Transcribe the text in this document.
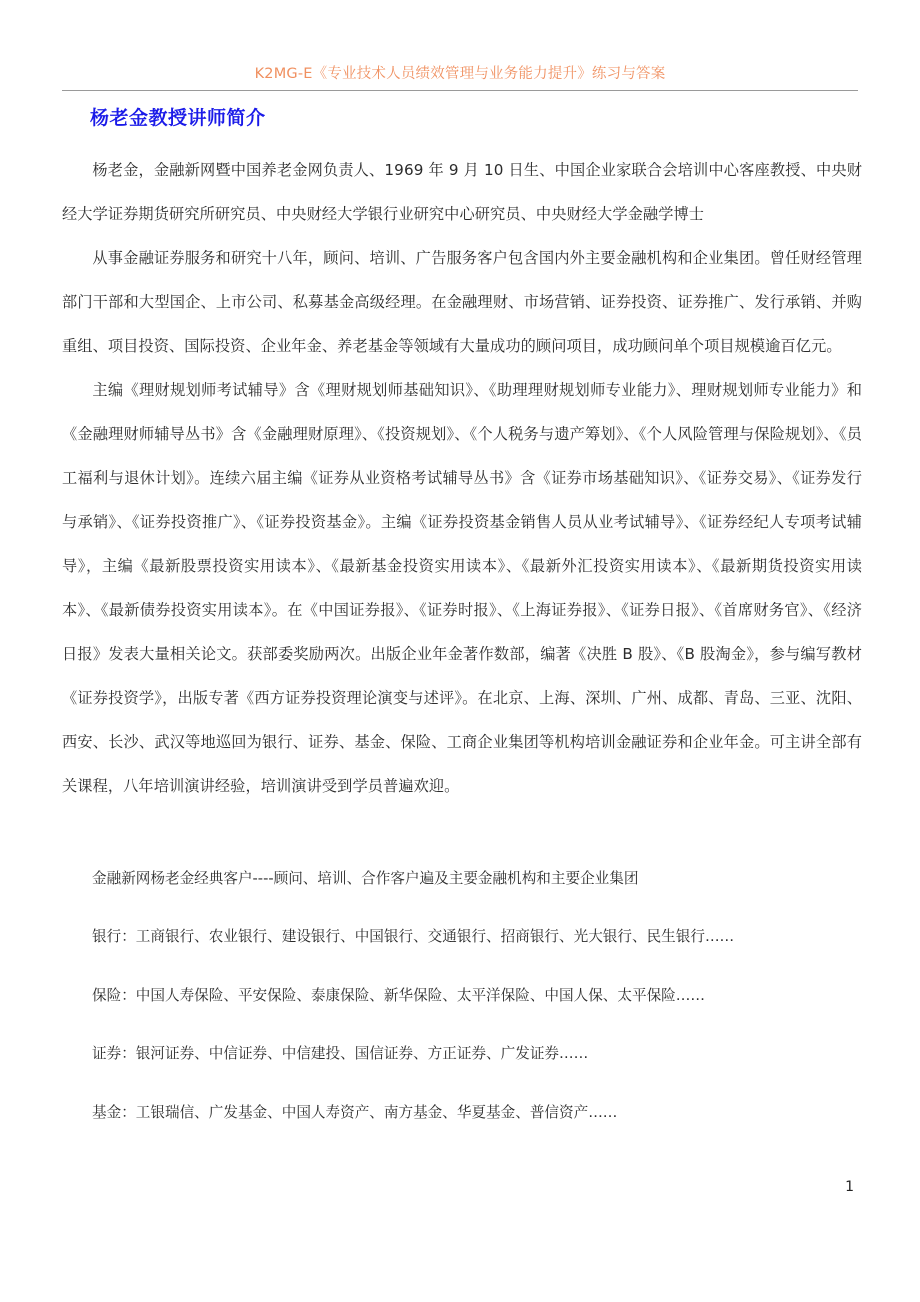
K2MG-E《专业技术人员绩效管理与业务能力提升》练习与答案
杨老金教授讲师简介

杨老金，金融新网暨中国养老金网负责人、1969 年 9 月 10 日生、中国企业家联合会培训中心客座教授、中央财经大学证券期货研究所研究员、中央财经大学银行业研究中心研究员、中央财经大学金融学博士

从事金融证券服务和研究十八年，顾问、培训、广告服务客户包含国内外主要金融机构和企业集团。曾任财经管理部门干部和大型国企、上市公司、私募基金高级经理。在金融理财、市场营销、证券投资、证券推广、发行承销、并购重组、项目投资、国际投资、企业年金、养老基金等领域有大量成功的顾问项目，成功顾问单个项目规模逾百亿元。

主编《理财规划师考试辅导》含《理财规划师基础知识》、《助理理财规划师专业能力》、理财规划师专业能力》和《金融理财师辅导丛书》含《金融理财原理》、《投资规划》、《个人税务与遗产筹划》、《个人风险管理与保险规划》、《员工福利与退休计划》。连续六届主编《证券从业资格考试辅导丛书》含《证券市场基础知识》、《证券交易》、《证券发行与承销》、《证券投资推广》、《证券投资基金》。主编《证券投资基金销售人员从业考试辅导》、《证券经纪人专项考试辅导》，主编《最新股票投资实用读本》、《最新基金投资实用读本》、《最新外汇投资实用读本》、《最新期货投资实用读本》、《最新债券投资实用读本》。在《中国证券报》、《证券时报》、《上海证券报》、《证券日报》、《首席财务官》、《经济日报》发表大量相关论文。获部委奖励两次。出版企业年金著作数部，编著《决胜 B 股》、《B 股淘金》，参与编写教材《证券投资学》，出版专著《西方证券投资理论演变与述评》。在北京、上海、深圳、广州、成都、青岛、三亚、沈阳、西安、长沙、武汉等地巡回为银行、证券、基金、保险、工商企业集团等机构培训金融证券和企业年金。可主讲全部有关课程，八年培训演讲经验，培训演讲受到学员普遍欢迎。

金融新网杨老金经典客户----顾问、培训、合作客户遍及主要金融机构和主要企业集团

银行：工商银行、农业银行、建设银行、中国银行、交通银行、招商银行、光大银行、民生银行……

保险：中国人寿保险、平安保险、泰康保险、新华保险、太平洋保险、中国人保、太平保险……

证券：银河证券、中信证券、中信建投、国信证券、方正证券、广发证券……

基金：工银瑞信、广发基金、中国人寿资产、南方基金、华夏基金、普信资产……

1
